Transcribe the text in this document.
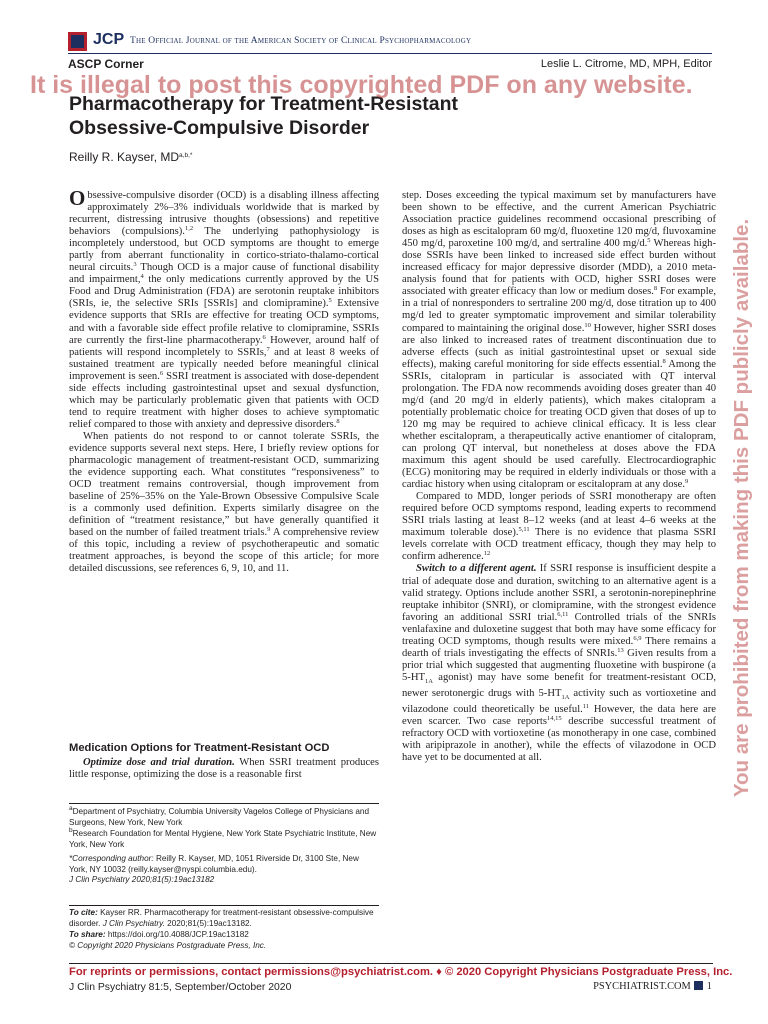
JCP The Official Journal of the American Society of Clinical Psychopharmacology
ASCP Corner	Leslie L. Citrome, MD, MPH, Editor
Pharmacotherapy for Treatment-Resistant Obsessive-Compulsive Disorder
Reilly R. Kayser, $MD^{a,b,*}$

Obsessive-compulsive disorder (OCD) is a disabling illness affecting approximately 2%–3% individuals worldwide that is marked by recurrent, distressing intrusive thoughts (obsessions) and repetitive behaviors (compulsions).$^{1,2}$ The underlying pathophysiology is incompletely understood, but OCD symptoms are thought to emerge partly from aberrant functionality in cortico-striato-thalamo-cortical neural circuits.$^3$ Though OCD is a major cause of functional disability and impairment,$^4$ the only medications currently approved by the US Food and Drug Administration (FDA) are serotonin reuptake inhibitors (SRIs, ie, the selective SRIs [SSRIs] and clomipramine).$^5$ Extensive evidence supports that SRIs are effective for treating OCD symptoms, and with a favorable side effect profile relative to clomipramine, SSRIs are currently the first-line pharmacotherapy.$^6$ However, around half of patients will respond incompletely to SSRIs,$^7$ and at least 8 weeks of sustained treatment are typically needed before meaningful clinical improvement is seen.$^6$ SSRI treatment is associated with dose-dependent side effects including gastrointestinal upset and sexual dysfunction, which may be particularly problematic given that patients with OCD tend to require treatment with higher doses to achieve symptomatic relief compared to those with anxiety and depressive disorders.$^8$

When patients do not respond to or cannot tolerate SSRIs, the evidence supports several next steps. Here, I briefly review options for pharmacologic management of treatment-resistant OCD, summarizing the evidence supporting each. What constitutes “responsiveness” to OCD treatment remains controversial, though improvement from baseline of 25%–35% on the Yale-Brown Obsessive Compulsive Scale is a commonly used definition. Experts similarly disagree on the definition of “treatment resistance,” but have generally quantified it based on the number of failed treatment trials.$^9$ A comprehensive review of this topic, including a review of psychotherapeutic and somatic treatment approaches, is beyond the scope of this article; for more detailed discussions, see references 6, 9, 10, and 11.

Medication Options for Treatment-Resistant OCD

Optimize dose and trial duration. When SSRI treatment produces little response, optimizing the dose is a reasonable first

$^a$Department of Psychiatry, Columbia University Vagelos College of Physicians and Surgeons, New York, New York

$^b$Research Foundation for Mental Hygiene, New York State Psychiatric Institute, New York, New York

*Corresponding author: Reilly R. Kayser, MD, 1051 Riverside Dr, 3100 Ste, New York, NY 10032 (reilly.kayser@nyspi.columbia.edu).

J Clin Psychiatry 2020;81(5):19ac13182

To cite: Kayser RR. Pharmacotherapy for treatment-resistant obsessive-compulsive disorder. J Clin Psychiatry. 2020;81(5):19ac13182.

To share: https://doi.org/10.4088/JCP.19ac13182

© Copyright 2020 Physicians Postgraduate Press, Inc.

step. Doses exceeding the typical maximum set by manufacturers have been shown to be effective, and the current American Psychiatric Association practice guidelines recommend occasional prescribing of doses as high as escitalopram 60 mg/d, fluoxetine 120 mg/d, fluvoxamine 450 mg/d, paroxetine 100 mg/d, and sertraline 400 mg/d.$^5$ Whereas high-dose SSRIs have been linked to increased side effect burden without increased efficacy for major depressive disorder (MDD), a 2010 meta-analysis found that for patients with OCD, higher SSRI doses were associated with greater efficacy than low or medium doses.$^8$ For example, in a trial of nonresponders to sertraline 200 mg/d, dose titration up to 400 mg/d led to greater symptomatic improvement and similar tolerability compared to maintaining the original dose.$^{10}$ However, higher SSRI doses are also linked to increased rates of treatment discontinuation due to adverse effects (such as initial gastrointestinal upset or sexual side effects), making careful monitoring for side effects essential.$^8$ Among the SSRIs, citalopram in particular is associated with QT interval prolongation. The FDA now recommends avoiding doses greater than 40 mg/d (and 20 mg/d in elderly patients), which makes citalopram a potentially problematic choice for treating OCD given that doses of up to 120 mg may be required to achieve clinical efficacy. It is less clear whether escitalopram, a therapeutically active enantiomer of citalopram, can prolong QT interval, but nonetheless at doses above the FDA maximum this agent should be used carefully. Electrocardiographic (ECG) monitoring may be required in elderly individuals or those with a cardiac history when using citalopram or escitalopram at any dose.$^9$

Compared to MDD, longer periods of SSRI monotherapy are often required before OCD symptoms respond, leading experts to recommend SSRI trials lasting at least 8–12 weeks (and at least 4–6 weeks at the maximum tolerable dose).$^{5,11}$ There is no evidence that plasma SSRI levels correlate with OCD treatment efficacy, though they may help to confirm adherence.$^{12}$

Switch to a different agent. If SSRI response is insufficient despite a trial of adequate dose and duration, switching to an alternative agent is a valid strategy. Options include another SSRI, a serotonin-norepinephrine reuptake inhibitor (SNRI), or clomipramine, with the strongest evidence favoring an additional SSRI trial.$^{6,11}$ Controlled trials of the SNRIs venlafaxine and duloxetine suggest that both may have some efficacy for treating OCD symptoms, though results were mixed.$^{6,9}$ There remains a dearth of trials investigating the effects of SNRIs.$^{13}$ Given results from a prior trial which suggested that augmenting fluoxetine with buspirone (a $5-HT_{1A}$ agonist) may have some benefit for treatment-resistant OCD, newer serotonergic drugs with $5-HT_{1A}$ activity such as vortioxetine and vilazodone could theoretically be useful.$^{11}$ However, the data here are even scarcer. Two case reports$^{14,15}$ describe successful treatment of refractory OCD with vortioxetine (as monotherapy in one case, combined with aripiprazole in another), while the effects of vilazodone in OCD have yet to be documented at all.

It is illegal to post this copyrighted PDF on any website.
You are prohibited from making this PDF publicly available.
For reprints or permissions, contact permissions@psychiatrist.com. ♦ © 2020 Copyright Physicians Postgraduate Press, Inc.
J Clin Psychiatry 81:5, September/October 2020	PSYCHIATRIST.COM 1
